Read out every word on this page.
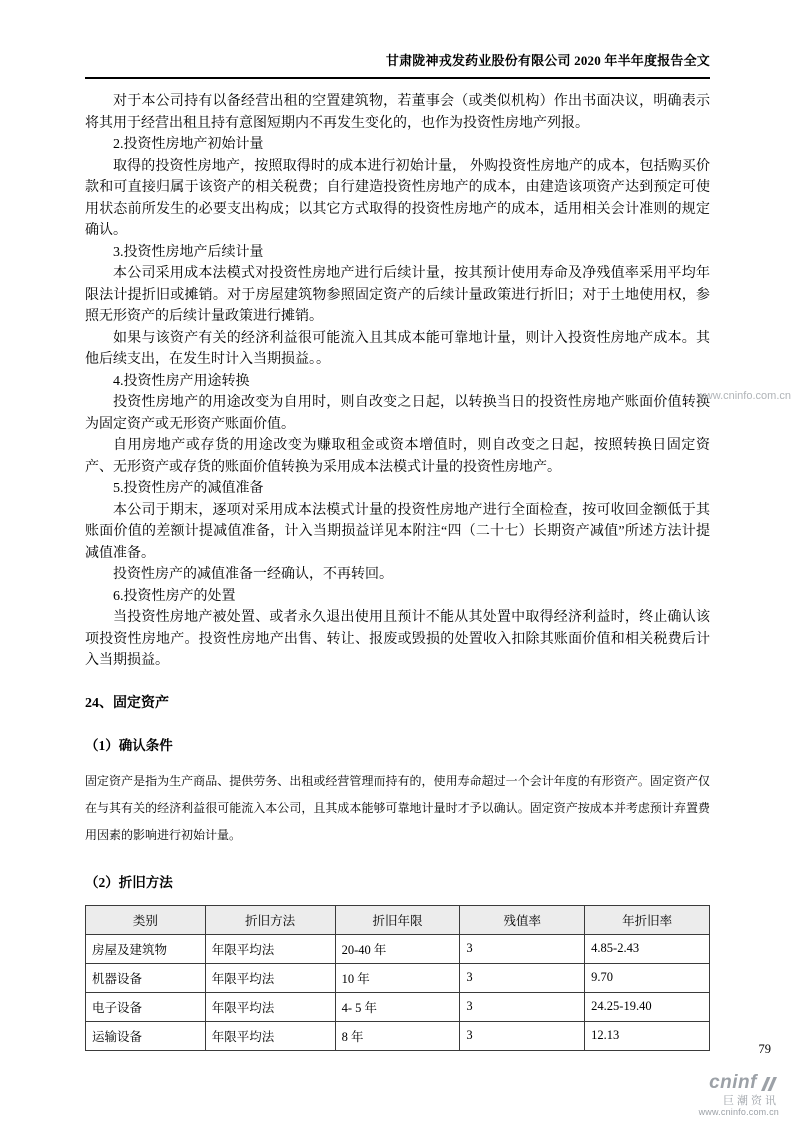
甘肃陇神戎发药业股份有限公司 2020 年半年度报告全文

对于本公司持有以备经营出租的空置建筑物，若董事会（或类似机构）作出书面决议，明确表示将其用于经营出租且持有意图短期内不再发生变化的，也作为投资性房地产列报。

2.投资性房地产初始计量

取得的投资性房地产，按照取得时的成本进行初始计量， 外购投资性房地产的成本，包括购买价款和可直接归属于该资产的相关税费；自行建造投资性房地产的成本，由建造该项资产达到预定可使用状态前所发生的必要支出构成；以其它方式取得的投资性房地产的成本，适用相关会计准则的规定确认。

3.投资性房地产后续计量

本公司采用成本法模式对投资性房地产进行后续计量，按其预计使用寿命及净残值率采用平均年限法计提折旧或摊销。对于房屋建筑物参照固定资产的后续计量政策进行折旧；对于土地使用权，参照无形资产的后续计量政策进行摊销。

如果与该资产有关的经济利益很可能流入且其成本能可靠地计量，则计入投资性房地产成本。其他后续支出，在发生时计入当期损益。。

4.投资性房产用途转换

投资性房地产的用途改变为自用时，则自改变之日起，以转换当日的投资性房地产账面价值转换为固定资产或无形资产账面价值。

自用房地产或存货的用途改变为赚取租金或资本增值时，则自改变之日起，按照转换日固定资产、无形资产或存货的账面价值转换为采用成本法模式计量的投资性房地产。

5.投资性房产的减值准备

本公司于期末，逐项对采用成本法模式计量的投资性房地产进行全面检查，按可收回金额低于其账面价值的差额计提减值准备，计入当期损益详见本附注“四（二十七）长期资产减值”所述方法计提减值准备。

投资性房产的减值准备一经确认，不再转回。

6.投资性房产的处置

当投资性房地产被处置、或者永久退出使用且预计不能从其处置中取得经济利益时，终止确认该项投资性房地产。投资性房地产出售、转让、报废或毁损的处置收入扣除其账面价值和相关税费后计入当期损益。

24、固定资产
（1）确认条件

固定资产是指为生产商品、提供劳务、出租或经营管理而持有的，使用寿命超过一个会计年度的有形资产。固定资产仅在与其有关的经济利益很可能流入本公司，且其成本能够可靠地计量时才予以确认。固定资产按成本并考虑预计弃置费用因素的影响进行初始计量。

（2）折旧方法
类别	折旧方法	折旧年限	残值率	年折旧率
房屋及建筑物	年限平均法	20-40 年	3	4.85-2.43
机器设备	年限平均法	10 年	3	9.70
电子设备	年限平均法	4- 5 年	3	24.25-19.40
运输设备	年限平均法	8 年	3	12.13
www.cninfo.com.cn
79
cninf
巨潮资讯
www.cninfo.com.cn
